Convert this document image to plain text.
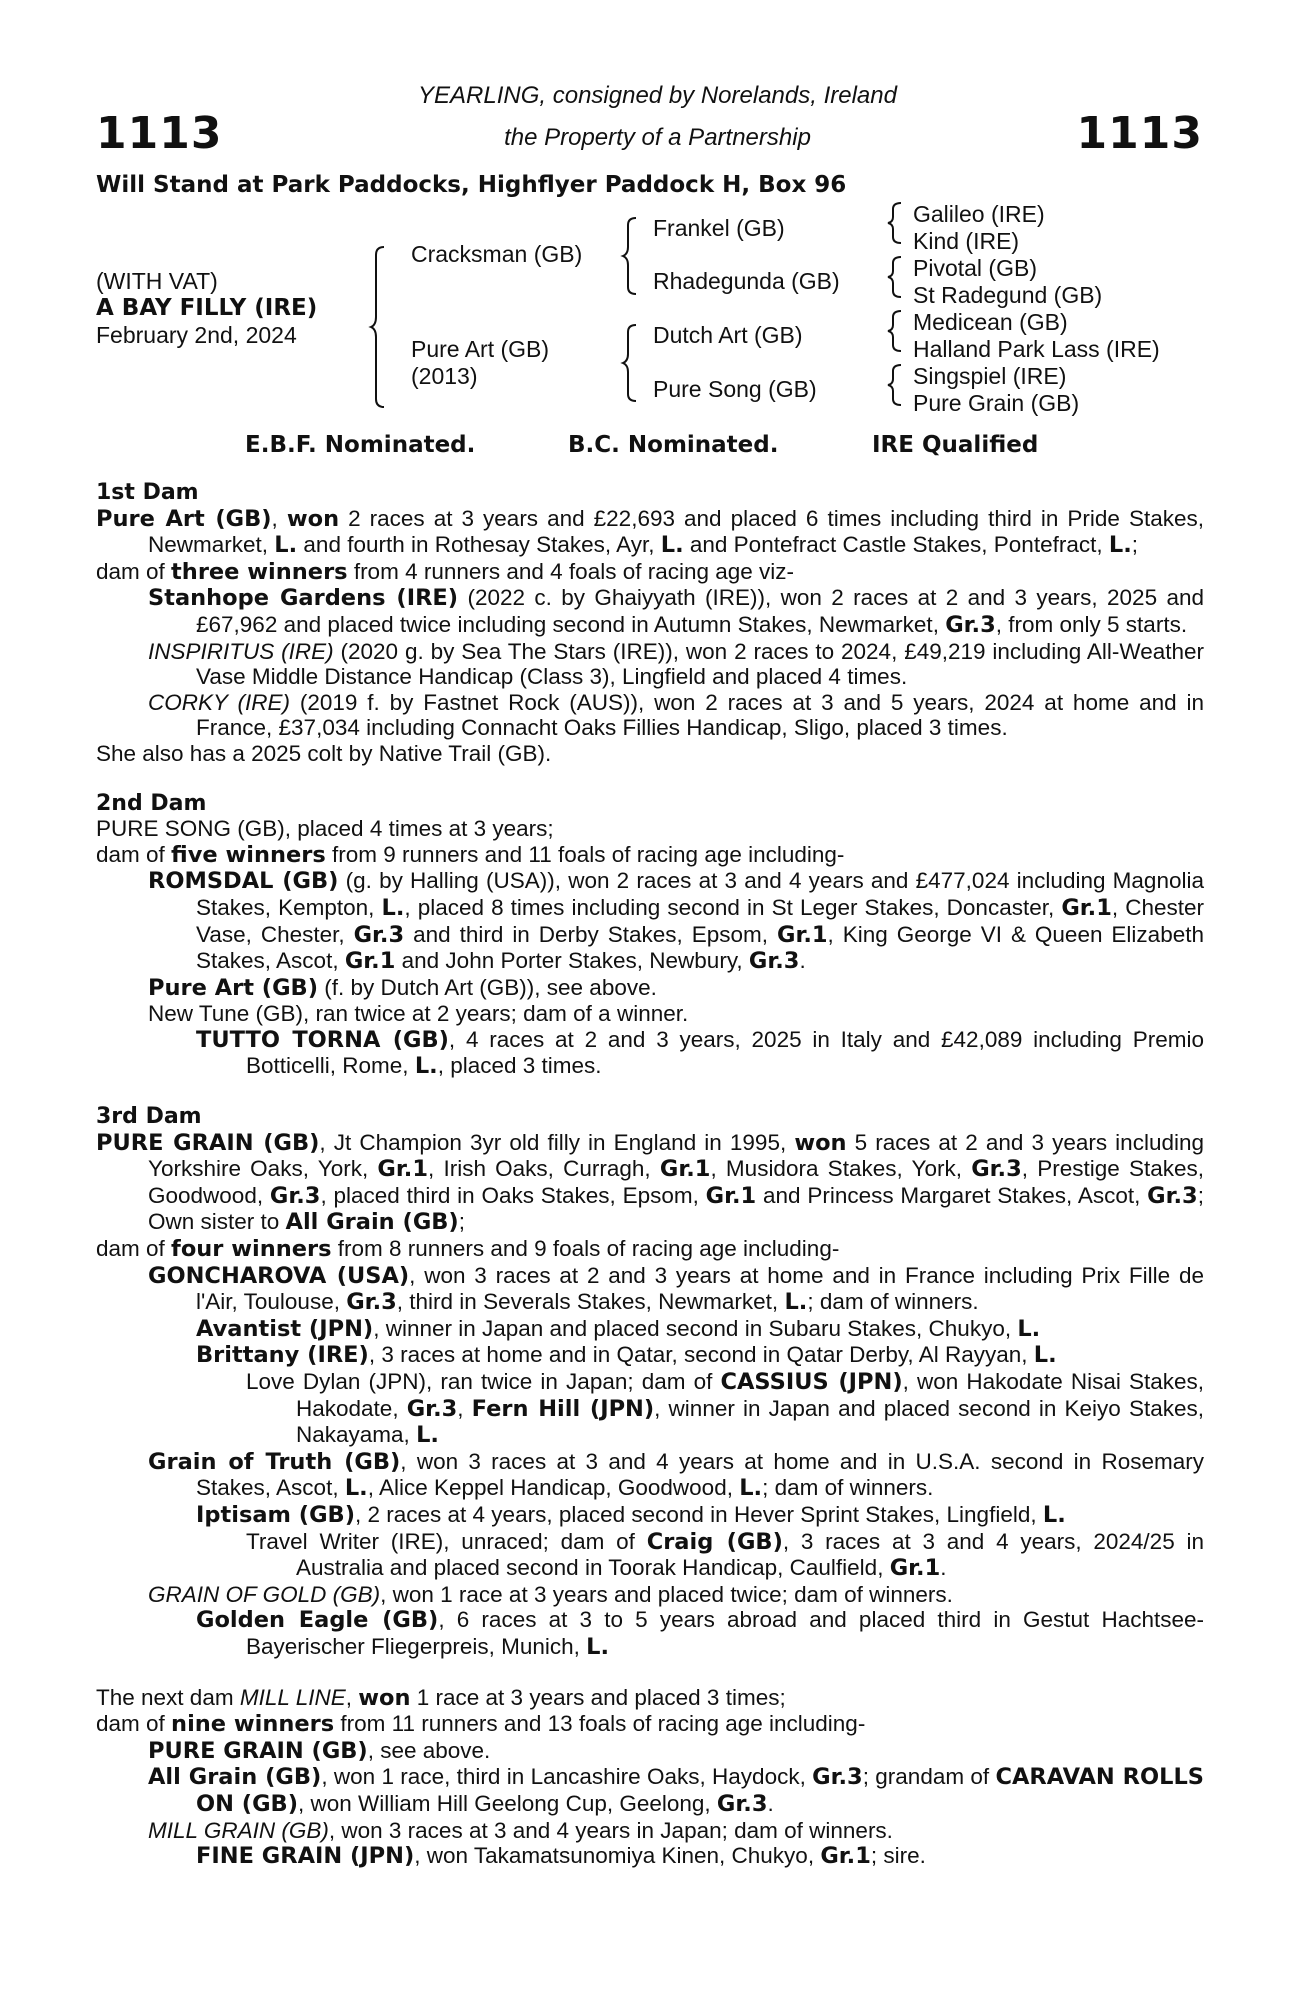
1113	1113
YEARLING, consigned by Norelands, Ireland
the Property of a Partnership
Will Stand at Park Paddocks, Highflyer Paddock H, Box 96
(WITH VAT)
A BAY FILLY (IRE)
February 2nd, 2024
Cracksman (GB)
Pure Art (GB)
(2013)
Frankel (GB)
Rhadegunda (GB)
Dutch Art (GB)
Pure Song (GB)
Galileo (IRE)
Kind (IRE)
Pivotal (GB)
St Radegund (GB)
Medicean (GB)
Halland Park Lass (IRE)
Singspiel (IRE)
Pure Grain (GB)
E.B.F. Nominated.	B.C. Nominated.	IRE Qualified
1st Dam
Pure Art (GB), won 2 races at 3 years and £22,693 and placed 6 times including third in Pride Stakes, Newmarket, L. and fourth in Rothesay Stakes, Ayr, L. and Pontefract Castle Stakes, Pontefract, L.;
dam of three winners from 4 runners and 4 foals of racing age viz-
Stanhope Gardens (IRE) (2022 c. by Ghaiyyath (IRE)), won 2 races at 2 and 3 years, 2025 and £67,962 and placed twice including second in Autumn Stakes, Newmarket, Gr.3, from only 5 starts.
INSPIRITUS (IRE) (2020 g. by Sea The Stars (IRE)), won 2 races to 2024, £49,219 including All-Weather Vase Middle Distance Handicap (Class 3), Lingfield and placed 4 times.
CORKY (IRE) (2019 f. by Fastnet Rock (AUS)), won 2 races at 3 and 5 years, 2024 at home and in France, £37,034 including Connacht Oaks Fillies Handicap, Sligo, placed 3 times.
She also has a 2025 colt by Native Trail (GB).
2nd Dam
PURE SONG (GB), placed 4 times at 3 years;
dam of five winners from 9 runners and 11 foals of racing age including-
ROMSDAL (GB) (g. by Halling (USA)), won 2 races at 3 and 4 years and £477,024 including Magnolia Stakes, Kempton, L., placed 8 times including second in St Leger Stakes, Doncaster, Gr.1, Chester Vase, Chester, Gr.3 and third in Derby Stakes, Epsom, Gr.1, King George VI & Queen Elizabeth Stakes, Ascot, Gr.1 and John Porter Stakes, Newbury, Gr.3.
Pure Art (GB) (f. by Dutch Art (GB)), see above.
New Tune (GB), ran twice at 2 years; dam of a winner.
TUTTO TORNA (GB), 4 races at 2 and 3 years, 2025 in Italy and £42,089 including Premio Botticelli, Rome, L., placed 3 times.
3rd Dam
PURE GRAIN (GB), Jt Champion 3yr old filly in England in 1995, won 5 races at 2 and 3 years including Yorkshire Oaks, York, Gr.1, Irish Oaks, Curragh, Gr.1, Musidora Stakes, York, Gr.3, Prestige Stakes, Goodwood, Gr.3, placed third in Oaks Stakes, Epsom, Gr.1 and Princess Margaret Stakes, Ascot, Gr.3; Own sister to All Grain (GB);
dam of four winners from 8 runners and 9 foals of racing age including-
GONCHAROVA (USA), won 3 races at 2 and 3 years at home and in France including Prix Fille de l'Air, Toulouse, Gr.3, third in Severals Stakes, Newmarket, L.; dam of winners.
Avantist (JPN), winner in Japan and placed second in Subaru Stakes, Chukyo, L.
Brittany (IRE), 3 races at home and in Qatar, second in Qatar Derby, Al Rayyan, L.
Love Dylan (JPN), ran twice in Japan; dam of CASSIUS (JPN), won Hakodate Nisai Stakes, Hakodate, Gr.3, Fern Hill (JPN), winner in Japan and placed second in Keiyo Stakes, Nakayama, L.
Grain of Truth (GB), won 3 races at 3 and 4 years at home and in U.S.A. second in Rosemary Stakes, Ascot, L., Alice Keppel Handicap, Goodwood, L.; dam of winners.
Iptisam (GB), 2 races at 4 years, placed second in Hever Sprint Stakes, Lingfield, L.
Travel Writer (IRE), unraced; dam of Craig (GB), 3 races at 3 and 4 years, 2024/25 in Australia and placed second in Toorak Handicap, Caulfield, Gr.1.
GRAIN OF GOLD (GB), won 1 race at 3 years and placed twice; dam of winners.
Golden Eagle (GB), 6 races at 3 to 5 years abroad and placed third in Gestut Hachtsee-Bayerischer Fliegerpreis, Munich, L.
The next dam MILL LINE, won 1 race at 3 years and placed 3 times;
dam of nine winners from 11 runners and 13 foals of racing age including-
PURE GRAIN (GB), see above.
All Grain (GB), won 1 race, third in Lancashire Oaks, Haydock, Gr.3; grandam of CARAVAN ROLLS ON (GB), won William Hill Geelong Cup, Geelong, Gr.3.
MILL GRAIN (GB), won 3 races at 3 and 4 years in Japan; dam of winners.
FINE GRAIN (JPN), won Takamatsunomiya Kinen, Chukyo, Gr.1; sire.
